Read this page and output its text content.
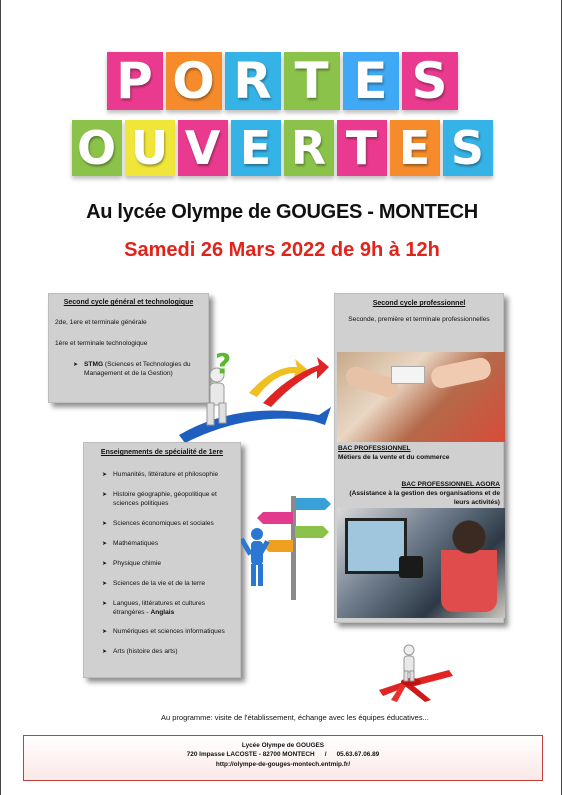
P O R T E S
O U V E R T E S
Au lycée Olympe de GOUGES - MONTECH
Samedi 26 Mars 2022 de 9h à 12h
Second cycle général et technologique

2de, 1ere et terminale générale

1ère et terminale technologique

➤ STMG (Sciences et Technologies du Management et de la Gestion)	?
Second cycle professionnel
Seconde, première et terminale professionnelles
BAC PROFESSIONNEL
Métiers de la vente et du commerce
BAC PROFESSIONNEL AGORA
(Assistance à la gestion des organisations et de leurs activités)
Enseignements de spécialité de 1ere
➤ Humanités, littérature et philosophie
➤ Histoire géographie, géopolitique et sciences politiques
➤ Sciences économiques et sociales
➤ Mathématiques
➤ Physique chimie
➤ Sciences de la vie et de la terre
➤ Langues, littératures et cultures étrangères - Anglais
➤ Numériques et sciences informatiques
➤ Arts (histoire des arts)
Au programme: visite de l'établissement, échange avec les équipes éducatives...
Lycée Olympe de GOUGES
720 Impasse LACOSTE - 82700 MONTECH / 05.63.67.06.89
http://olympe-de-gouges-montech.entmip.fr/
